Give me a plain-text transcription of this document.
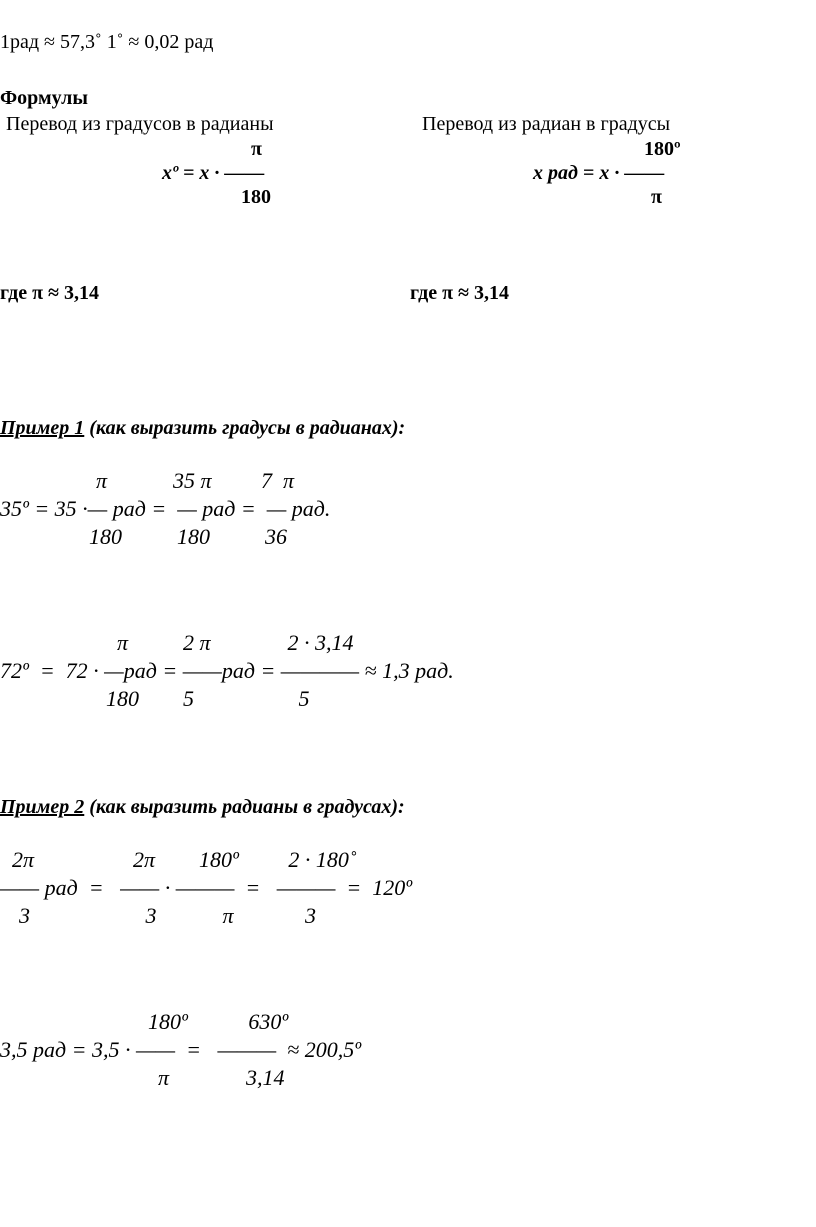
1рад ≈ 57,3˚ 1˚ ≈ 0,02 рад
Формулы
Перевод из градусов в радианы
π
xº = x · ——
180
где π ≈ 3,14
Перевод из радиан в градусы
180º
x рад = x · ——
π
где π ≈ 3,14
Пример 1 (как выразить градусы в радианах):
π            35 π         7  π
35º = 35 ·— рад =  — рад =  — рад.
180          180          36
π          2 π              2 · 3,14
72º  =  72 · —рад = ——рад = ———— ≈ 1,3 рад.
180        5                   5
Пример 2 (как выразить радианы в градусах):
2π                  2π        180º         2 · 180˚
—— рад  =   —— · ———  =   ———  =  120º
3                     3            π             3
180º           630º
3,5 рад = 3,5 · ——  =   ———  ≈ 200,5º
π              3,14
